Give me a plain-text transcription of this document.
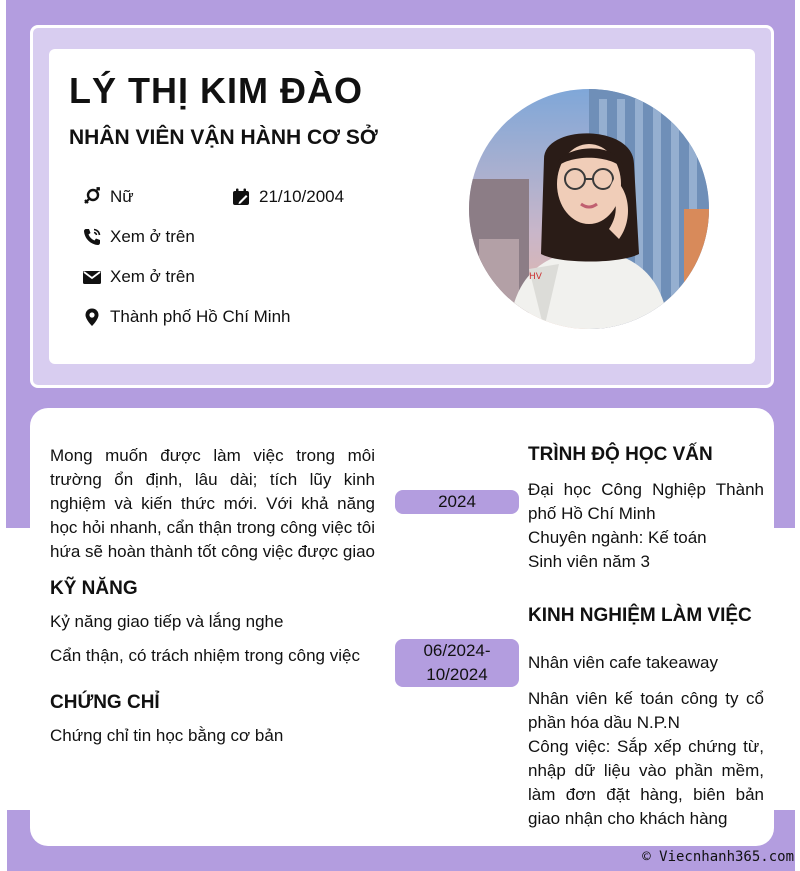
LÝ THỊ KIM ĐÀO
NHÂN VIÊN VẬN HÀNH CƠ SỞ
Nữ	21/10/2004
Xem ở trên
Xem ở trên
Thành phố Hồ Chí Minh
HV
Mong muốn được làm việc trong môi trường ổn định, lâu dài; tích lũy kinh nghiệm và kiến thức mới. Với khả năng học hỏi nhanh, cẩn thận trong công việc tôi hứa sẽ hoàn thành tốt công việc được giao
KỸ NĂNG
Kỷ năng giao tiếp và lắng nghe
Cẩn thận, có trách nhiệm trong công việc
CHỨNG CHỈ
Chứng chỉ tin học bằng cơ bản
2024
06/2024-
10/2024
TRÌNH ĐỘ HỌC VẤN
Đại học Công Nghiệp Thành phố Hồ Chí Minh
Chuyên ngành: Kế toán
Sinh viên năm 3
KINH NGHIỆM LÀM VIỆC
Nhân viên cafe takeaway
Nhân viên kế toán công ty cổ phần hóa dầu N.P.N
Công việc: Sắp xếp chứng từ, nhập dữ liệu vào phần mềm, làm đơn đặt hàng, biên bản giao nhận cho khách hàng
© Viecnhanh365.com
